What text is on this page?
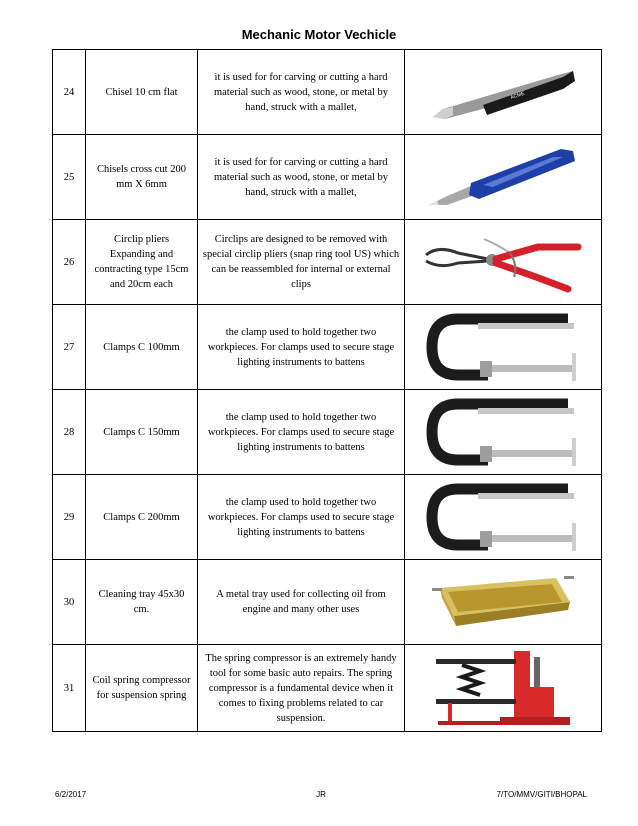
Mechanic Motor Vechicle
24	Chisel 10 cm flat	it is used for for carving or cutting a hard material such as wood, stone, or metal by hand, struck with a mallet,	ACME

25	Chisels cross cut 200 mm X 6mm	it is used for for carving or cutting a hard material such as wood, stone, or metal by hand, struck with a mallet,	

26	Circlip pliers Expanding and contracting type 15cm and 20cm each	Circlips are designed to be removed with special circlip pliers (snap ring tool US) which can be reassembled for internal or external clips	

27	Clamps C 100mm	the clamp used to hold together two workpieces. For clamps used to secure stage lighting instruments to battens	

28	Clamps C 150mm	the clamp used to hold together two workpieces. For clamps used to secure stage lighting instruments to battens	

29	Clamps C 200mm	the clamp used to hold together two workpieces. For clamps used to secure stage lighting instruments to battens	

30	Cleaning tray 45x30 cm.	A metal tray used for collecting oil from engine and many other uses	

31	Coil spring compressor for suspension spring	The spring compressor is an extremely handy tool for some basic auto repairs. The spring compressor is a fundamental device when it comes to fixing problems related to car suspension.	
6/2/2017	JR	7/TO/MMV/GITI/BHOPAL
